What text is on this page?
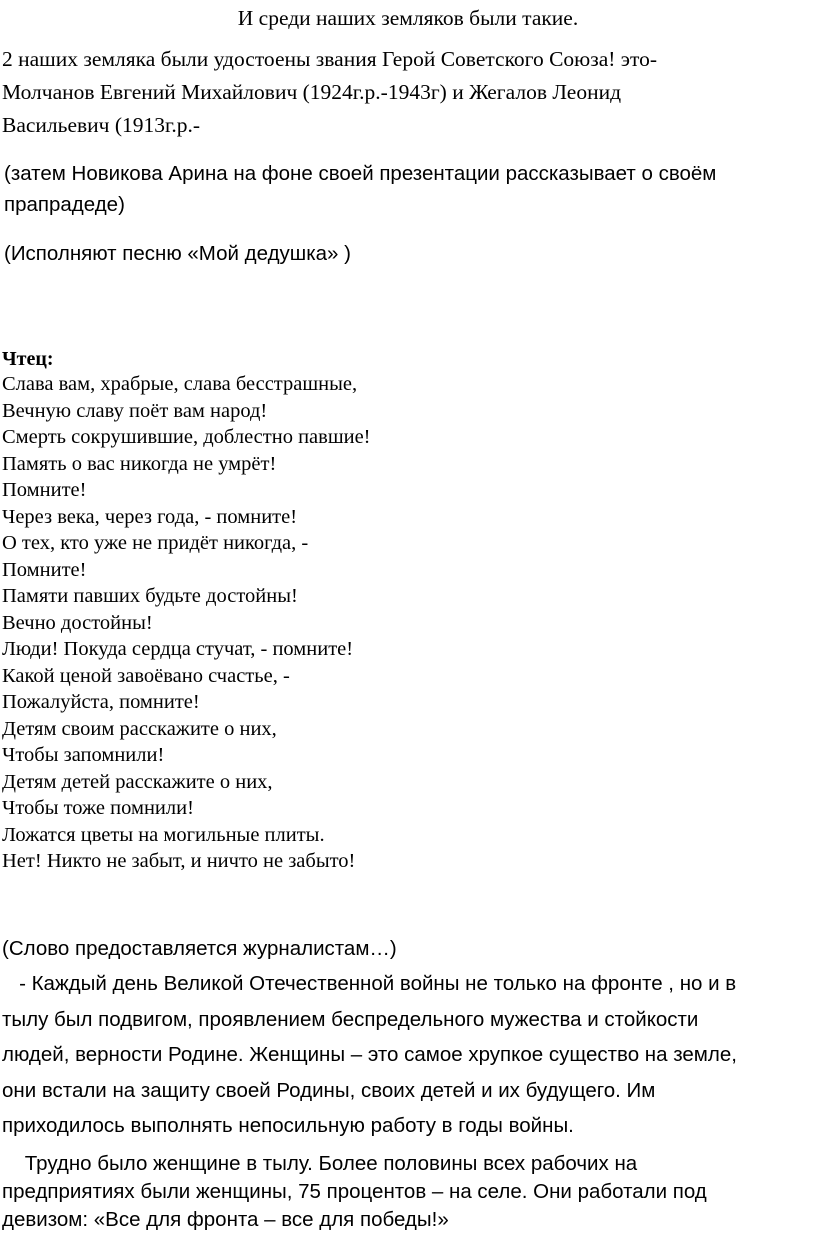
И среди наших земляков были такие.

2 наших земляка были удостоены звания Герой Советского Союза! это-

Молчанов Евгений Михайлович (1924г.р.-1943г) и Жегалов Леонид

Васильевич (1913г.р.-

(затем Новикова Арина на фоне своей презентации рассказывает о своём

прапрадеде)

(Исполняют песню «Мой дедушка» )
Чтец:
Слава вам, храбрые, слава бесстрашные,
Вечную славу поёт вам народ!
Смерть сокрушившие, доблестно павшие!
Память о вас никогда не умрёт!
Помните!
Через века, через года, - помните!
О тех, кто уже не придёт никогда, -
Помните!
Памяти павших будьте достойны!
Вечно достойны!
Люди! Покуда сердца стучат, - помните!
Какой ценой завоёвано счастье, -
Пожалуйста, помните!
Детям своим расскажите о них,
Чтобы запомнили!
Детям детей расскажите о них,
Чтобы тоже помнили!
Ложатся цветы на могильные плиты.
Нет! Никто не забыт, и ничто не забыто!
(Слово предоставляется журналистам…)
- Каждый день Великой Отечественной войны не только на фронте , но и в
тылу был подвигом, проявлением беспредельного мужества и стойкости
людей, верности Родине. Женщины – это самое хрупкое существо на земле,
они встали на защиту своей Родины, своих детей и их будущего. Им
приходилось выполнять непосильную работу в годы войны.
Трудно было женщине в тылу. Более половины всех рабочих на
предприятиях были женщины, 75 процентов – на селе. Они работали под
девизом: «Все для фронта – все для победы!»
